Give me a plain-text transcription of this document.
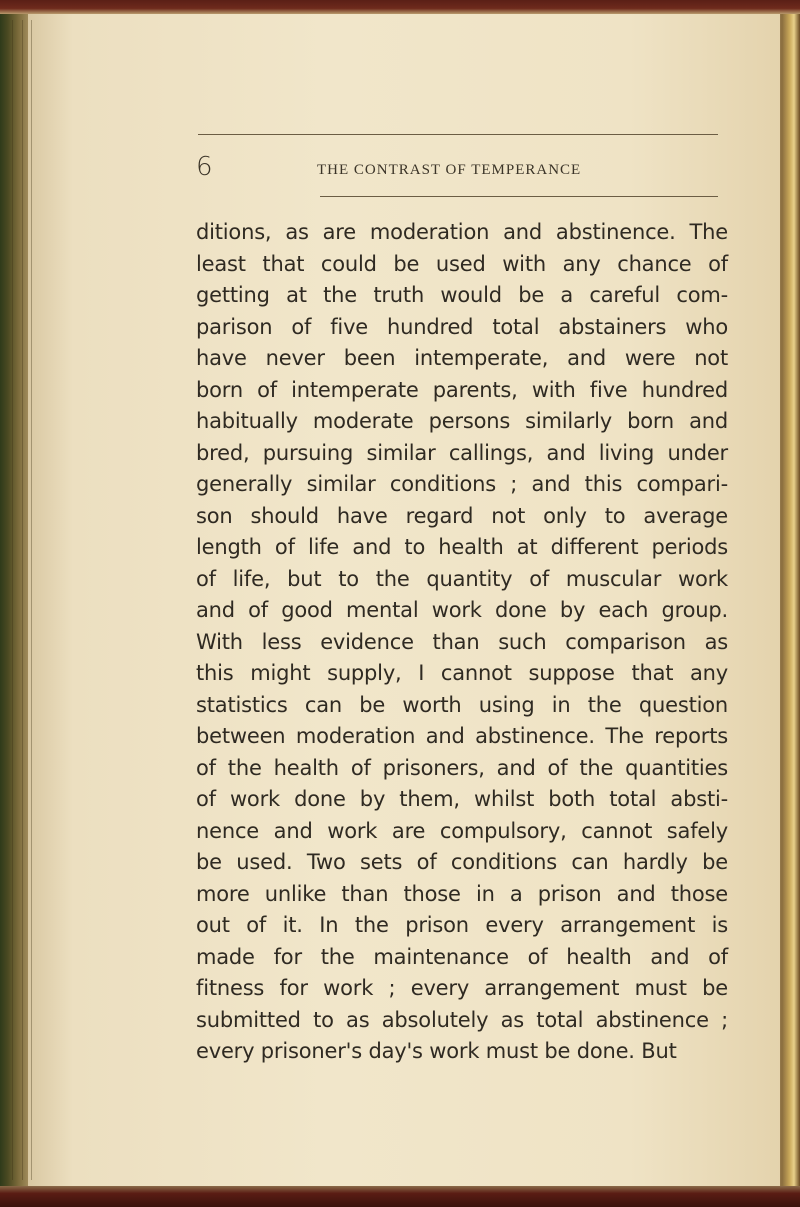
6	THE CONTRAST OF TEMPERANCE
ditions, as are moderation and abstinence. The
least that could be used with any chance of
getting at the truth would be a careful com-
parison of five hundred total abstainers who
have never been intemperate, and were not
born of intemperate parents, with five hundred
habitually moderate persons similarly born and
bred, pursuing similar callings, and living under
generally similar conditions ; and this compari-
son should have regard not only to average
length of life and to health at different periods
of life, but to the quantity of muscular work
and of good mental work done by each group.
With less evidence than such comparison as
this might supply, I cannot suppose that any
statistics can be worth using in the question
between moderation and abstinence. The reports
of the health of prisoners, and of the quantities
of work done by them, whilst both total absti-
nence and work are compulsory, cannot safely
be used. Two sets of conditions can hardly be
more unlike than those in a prison and those
out of it. In the prison every arrangement is
made for the maintenance of health and of
fitness for work ; every arrangement must be
submitted to as absolutely as total abstinence ;
every prisoner's day's work must be done. But
